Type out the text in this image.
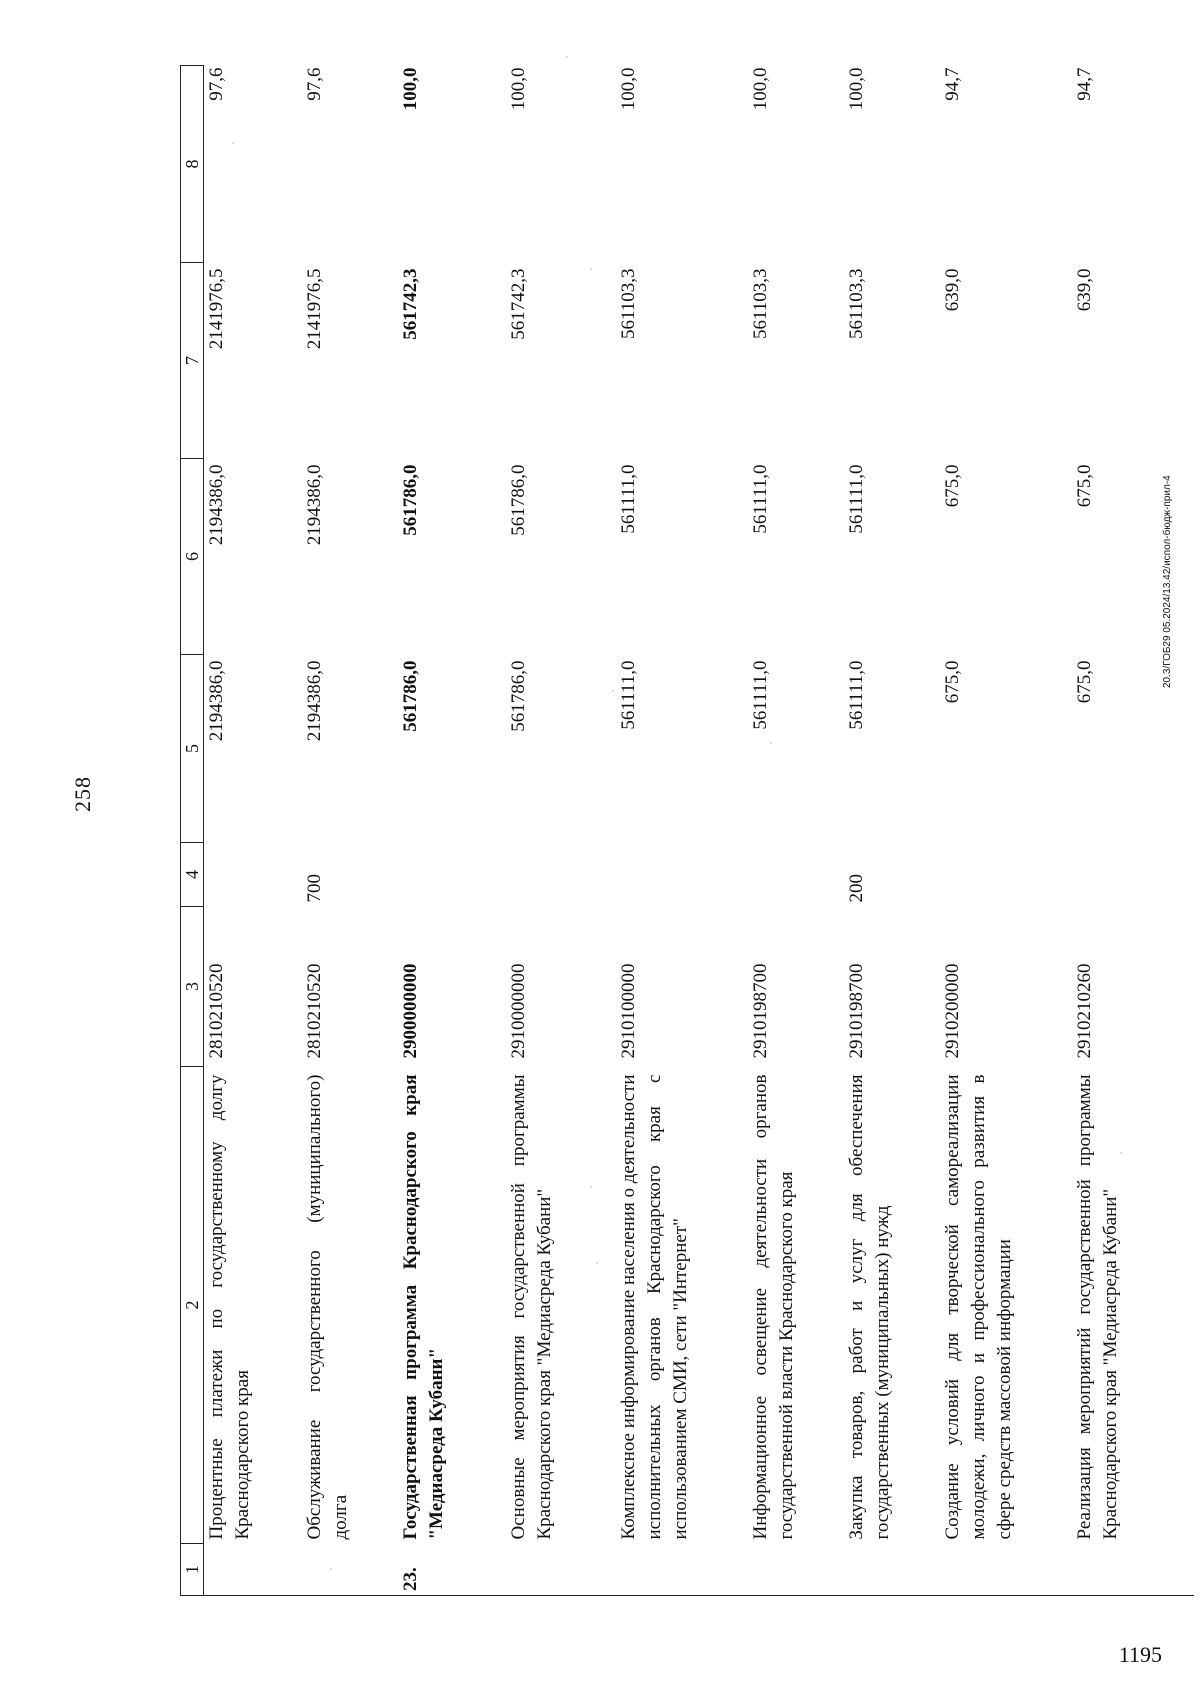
258
20.3/ГОБ29 05.2024/13.42/испол-бюдж-прил-4
1195
1	2	3	4	5	6	7	8
	Процентные платежи по государственному долгу Краснодарского края	2810210520		2194386,0	2194386,0	2141976,5	97,6
	Обслуживание государственного (муниципального) долга	2810210520	700	2194386,0	2194386,0	2141976,5	97,6
23.	Государственная программа Краснодарского края "Медиасреда Кубани"	2900000000		561786,0	561786,0	561742,3	100,0
	Основные мероприятия государственной программы Краснодарского края "Медиасреда Кубани"	2910000000		561786,0	561786,0	561742,3	100,0
	Комплексное информирование населения о деятельности исполнительных органов Краснодарского края с использованием СМИ, сети "Интернет"	2910100000		561111,0	561111,0	561103,3	100,0
	Информационное освещение деятельности органов государственной власти Краснодарского края	2910198700		561111,0	561111,0	561103,3	100,0
	Закупка товаров, работ и услуг для обеспечения государственных (муниципальных) нужд	2910198700	200	561111,0	561111,0	561103,3	100,0
	Создание условий для творческой самореализации молодежи, личного и профессионального развития в сфере средств массовой информации	2910200000		675,0	675,0	639,0	94,7
	Реализация мероприятий государственной программы Краснодарского края "Медиасреда Кубани"	2910210260		675,0	675,0	639,0	94,7
